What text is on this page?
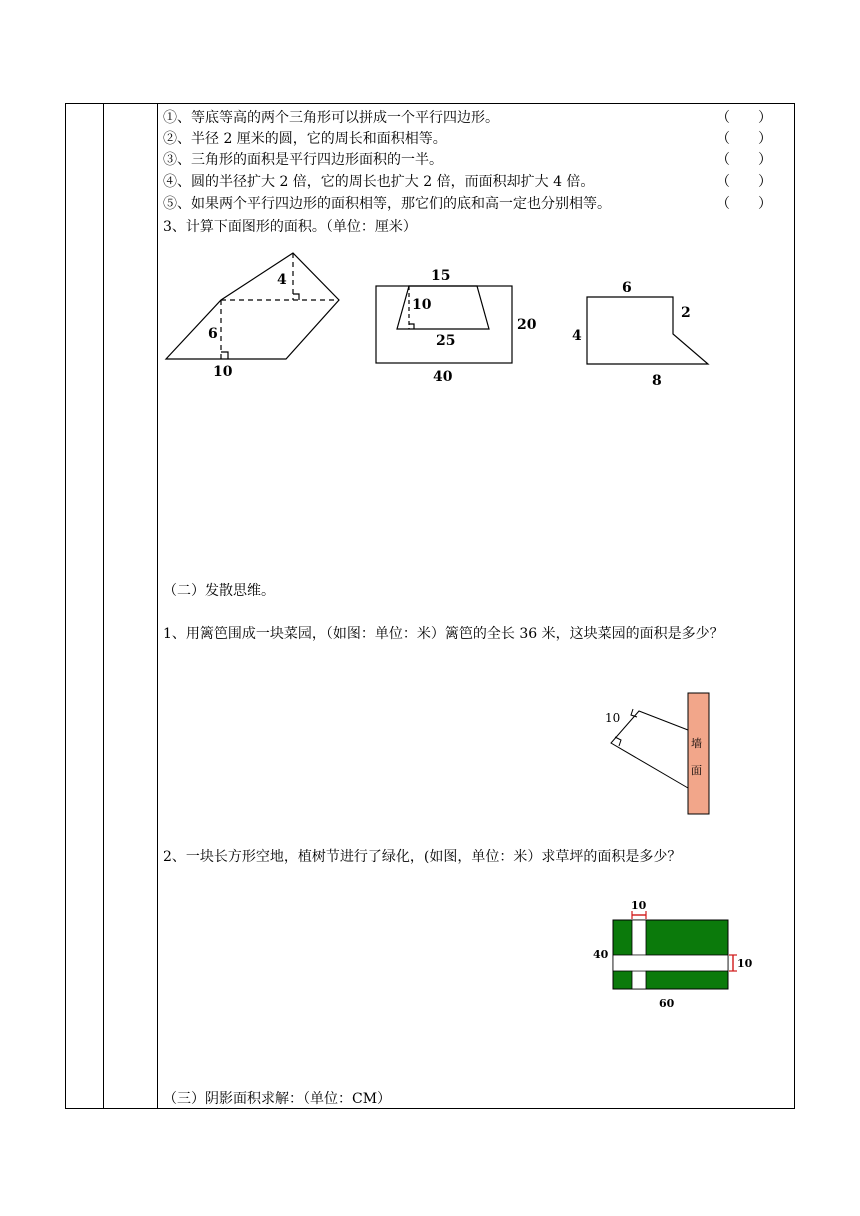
①、等底等高的两个三角形可以拼成一个平行四边形。	（　　）
②、半径 2 厘米的圆，它的周长和面积相等。	（　　）
③、三角形的面积是平行四边形面积的一半。	（　　）
④、圆的半径扩大 2 倍，它的周长也扩大 2 倍，而面积却扩大 4 倍。	（　　）
⑤、如果两个平行四边形的面积相等，那它们的底和高一定也分别相等。	（　　）
3、计算下面图形的面积。（单位：厘米）
4
6
10
15
10
25
20
40
6
2
4
8
（二）发散思维。
1、用篱笆围成一块菜园，（如图：单位：米）篱笆的全长 36 米，这块菜园的面积是多少？
墙
面
10
2、一块长方形空地，植树节进行了绿化，(如图，单位：米）求草坪的面积是多少？
10
40
10
60
（三）阴影面积求解：（单位：CM）
